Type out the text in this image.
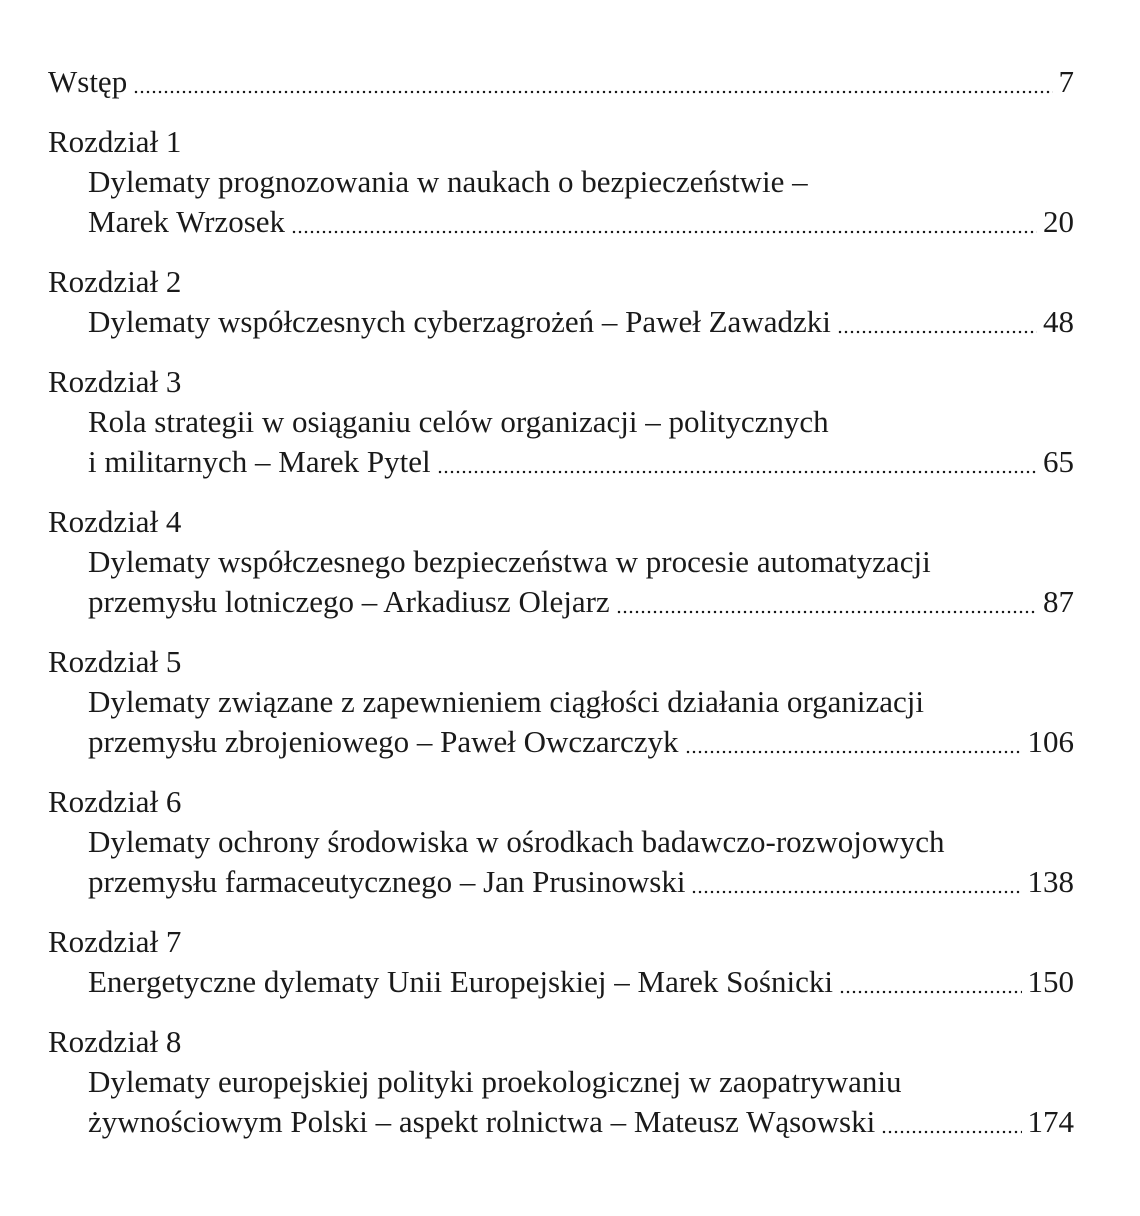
Wstęp	7
Rozdział 1
Dylematy prognozowania w naukach o bezpieczeństwie –
Marek Wrzosek	20
Rozdział 2
Dylematy współczesnych cyberzagrożeń – Paweł Zawadzki	48
Rozdział 3
Rola strategii w osiąganiu celów organizacji – politycznych
i militarnych – Marek Pytel	65
Rozdział 4
Dylematy współczesnego bezpieczeństwa w procesie automatyzacji
przemysłu lotniczego – Arkadiusz Olejarz	87
Rozdział 5
Dylematy związane z zapewnieniem ciągłości działania organizacji
przemysłu zbrojeniowego – Paweł Owczarczyk	106
Rozdział 6
Dylematy ochrony środowiska w ośrodkach badawczo-rozwojowych
przemysłu farmaceutycznego – Jan Prusinowski	138
Rozdział 7
Energetyczne dylematy Unii Europejskiej – Marek Sośnicki	150
Rozdział 8
Dylematy europejskiej polityki proekologicznej w zaopatrywaniu
żywnościowym Polski – aspekt rolnictwa – Mateusz Wąsowski	174
